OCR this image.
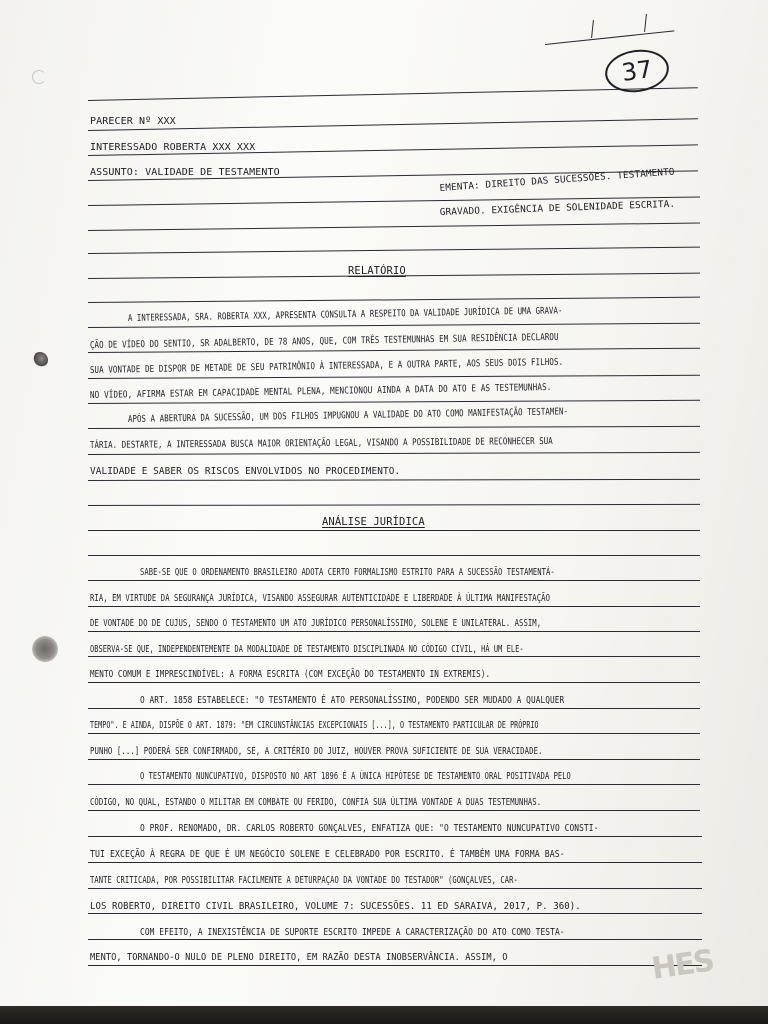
37
PARECER Nº XXX
INTERESSADO ROBERTA XXX XXX
ASSUNTO: VALIDADE DE TESTAMENTO	EMENTA: DIREITO DAS SUCESSÕES. TESTAMENTO
GRAVADO. EXIGÊNCIA DE SOLENIDADE ESCRITA.
RELATÓRIO
ANÁLISE JURÍDICA
A INTERESSADA, SRA. ROBERTA XXX, APRESENTA CONSULTA A RESPEITO DA VALIDADE JURÍDICA DE UMA GRAVA-
ÇÃO DE VÍDEO DO SENTIO, SR ADALBERTO, DE 78 ANOS, QUE, COM TRÊS TESTEMUNHAS EM SUA RESIDÊNCIA DECLAROU
SUA VONTADE DE DISPOR DE METADE DE SEU PATRIMÔNIO À INTERESSADA, E A OUTRA PARTE, AOS SEUS DOIS FILHOS.
NO VÍDEO, AFIRMA ESTAR EM CAPACIDADE MENTAL PLENA, MENCIONOU AINDA A DATA DO ATO E AS TESTEMUNHAS.
APÓS A ABERTURA DA SUCESSÃO, UM DOS FILHOS IMPUGNOU A VALIDADE DO ATO COMO MANIFESTAÇÃO TESTAMEN-
TÁRIA. DESTARTE, A INTERESSADA BUSCA MAIOR ORIENTAÇÃO LEGAL, VISANDO A POSSIBILIDADE DE RECONHECER SUA
VALIDADE E SABER OS RISCOS ENVOLVIDOS NO PROCEDIMENTO.
SABE-SE QUE O ORDENAMENTO BRASILEIRO ADOTA CERTO FORMALISMO ESTRITO PARA A SUCESSÃO TESTAMENTÁ-
RIA, EM VIRTUDE DA SEGURANÇA JURÍDICA, VISANDO ASSEGURAR AUTENTICIDADE E LIBERDADE À ÚLTIMA MANIFESTAÇÃO
DE VONTADE DO DE CUJUS, SENDO O TESTAMENTO UM ATO JURÍDICO PERSONALÍSSIMO, SOLENE E UNILATERAL. ASSIM,
OBSERVA-SE QUE, INDEPENDENTEMENTE DA MODALIDADE DE TESTAMENTO DISCIPLINADA NO CÓDIGO CIVIL, HÁ UM ELE-
MENTO COMUM E IMPRESCINDÍVEL: A FORMA ESCRITA (COM EXCEÇÃO DO TESTAMENTO IN EXTREMIS).
O ART. 1858 ESTABELECE: "O TESTAMENTO É ATO PERSONALÍSSIMO, PODENDO SER MUDADO A QUALQUER
TEMPO". E AINDA, DISPÕE O ART. 1879: "EM CIRCUNSTÂNCIAS EXCEPCIONAIS [...], O TESTAMENTO PARTICULAR DE PRÓPRIO
PUNHO [...] PODERÁ SER CONFIRMADO, SE, A CRITÉRIO DO JUIZ, HOUVER PROVA SUFICIENTE DE SUA VERACIDADE.
O TESTAMENTO NUNCUPATIVO, DISPOSTO NO ART 1896 É A ÚNICA HIPÓTESE DE TESTAMENTO ORAL POSITIVADA PELO
CÓDIGO, NO QUAL, ESTANDO O MILITAR EM COMBATE OU FERIDO, CONFIA SUA ÚLTIMA VONTADE A DUAS TESTEMUNHAS.
O PROF. RENOMADO, DR. CARLOS ROBERTO GONÇALVES, ENFATIZA QUE: "O TESTAMENTO NUNCUPATIVO CONSTI-
TUI EXCEÇÃO À REGRA DE QUE É UM NEGÓCIO SOLENE E CELEBRADO POR ESCRITO. É TAMBÉM UMA FORMA BAS-
TANTE CRITICADA, POR POSSIBILITAR FACILMENTE A DETURPAÇÃO DA VONTADE DO TESTADOR" (GONÇALVES, CAR-
LOS ROBERTO, DIREITO CIVIL BRASILEIRO, VOLUME 7: SUCESSÕES. 11 ED SARAIVA, 2017, P. 360).
COM EFEITO, A INEXISTÊNCIA DE SUPORTE ESCRITO IMPEDE A CARACTERIZAÇÃO DO ATO COMO TESTA-
MENTO, TORNANDO-O NULO DE PLENO DIREITO, EM RAZÃO DESTA INOBSERVÂNCIA. ASSIM, O	HES
